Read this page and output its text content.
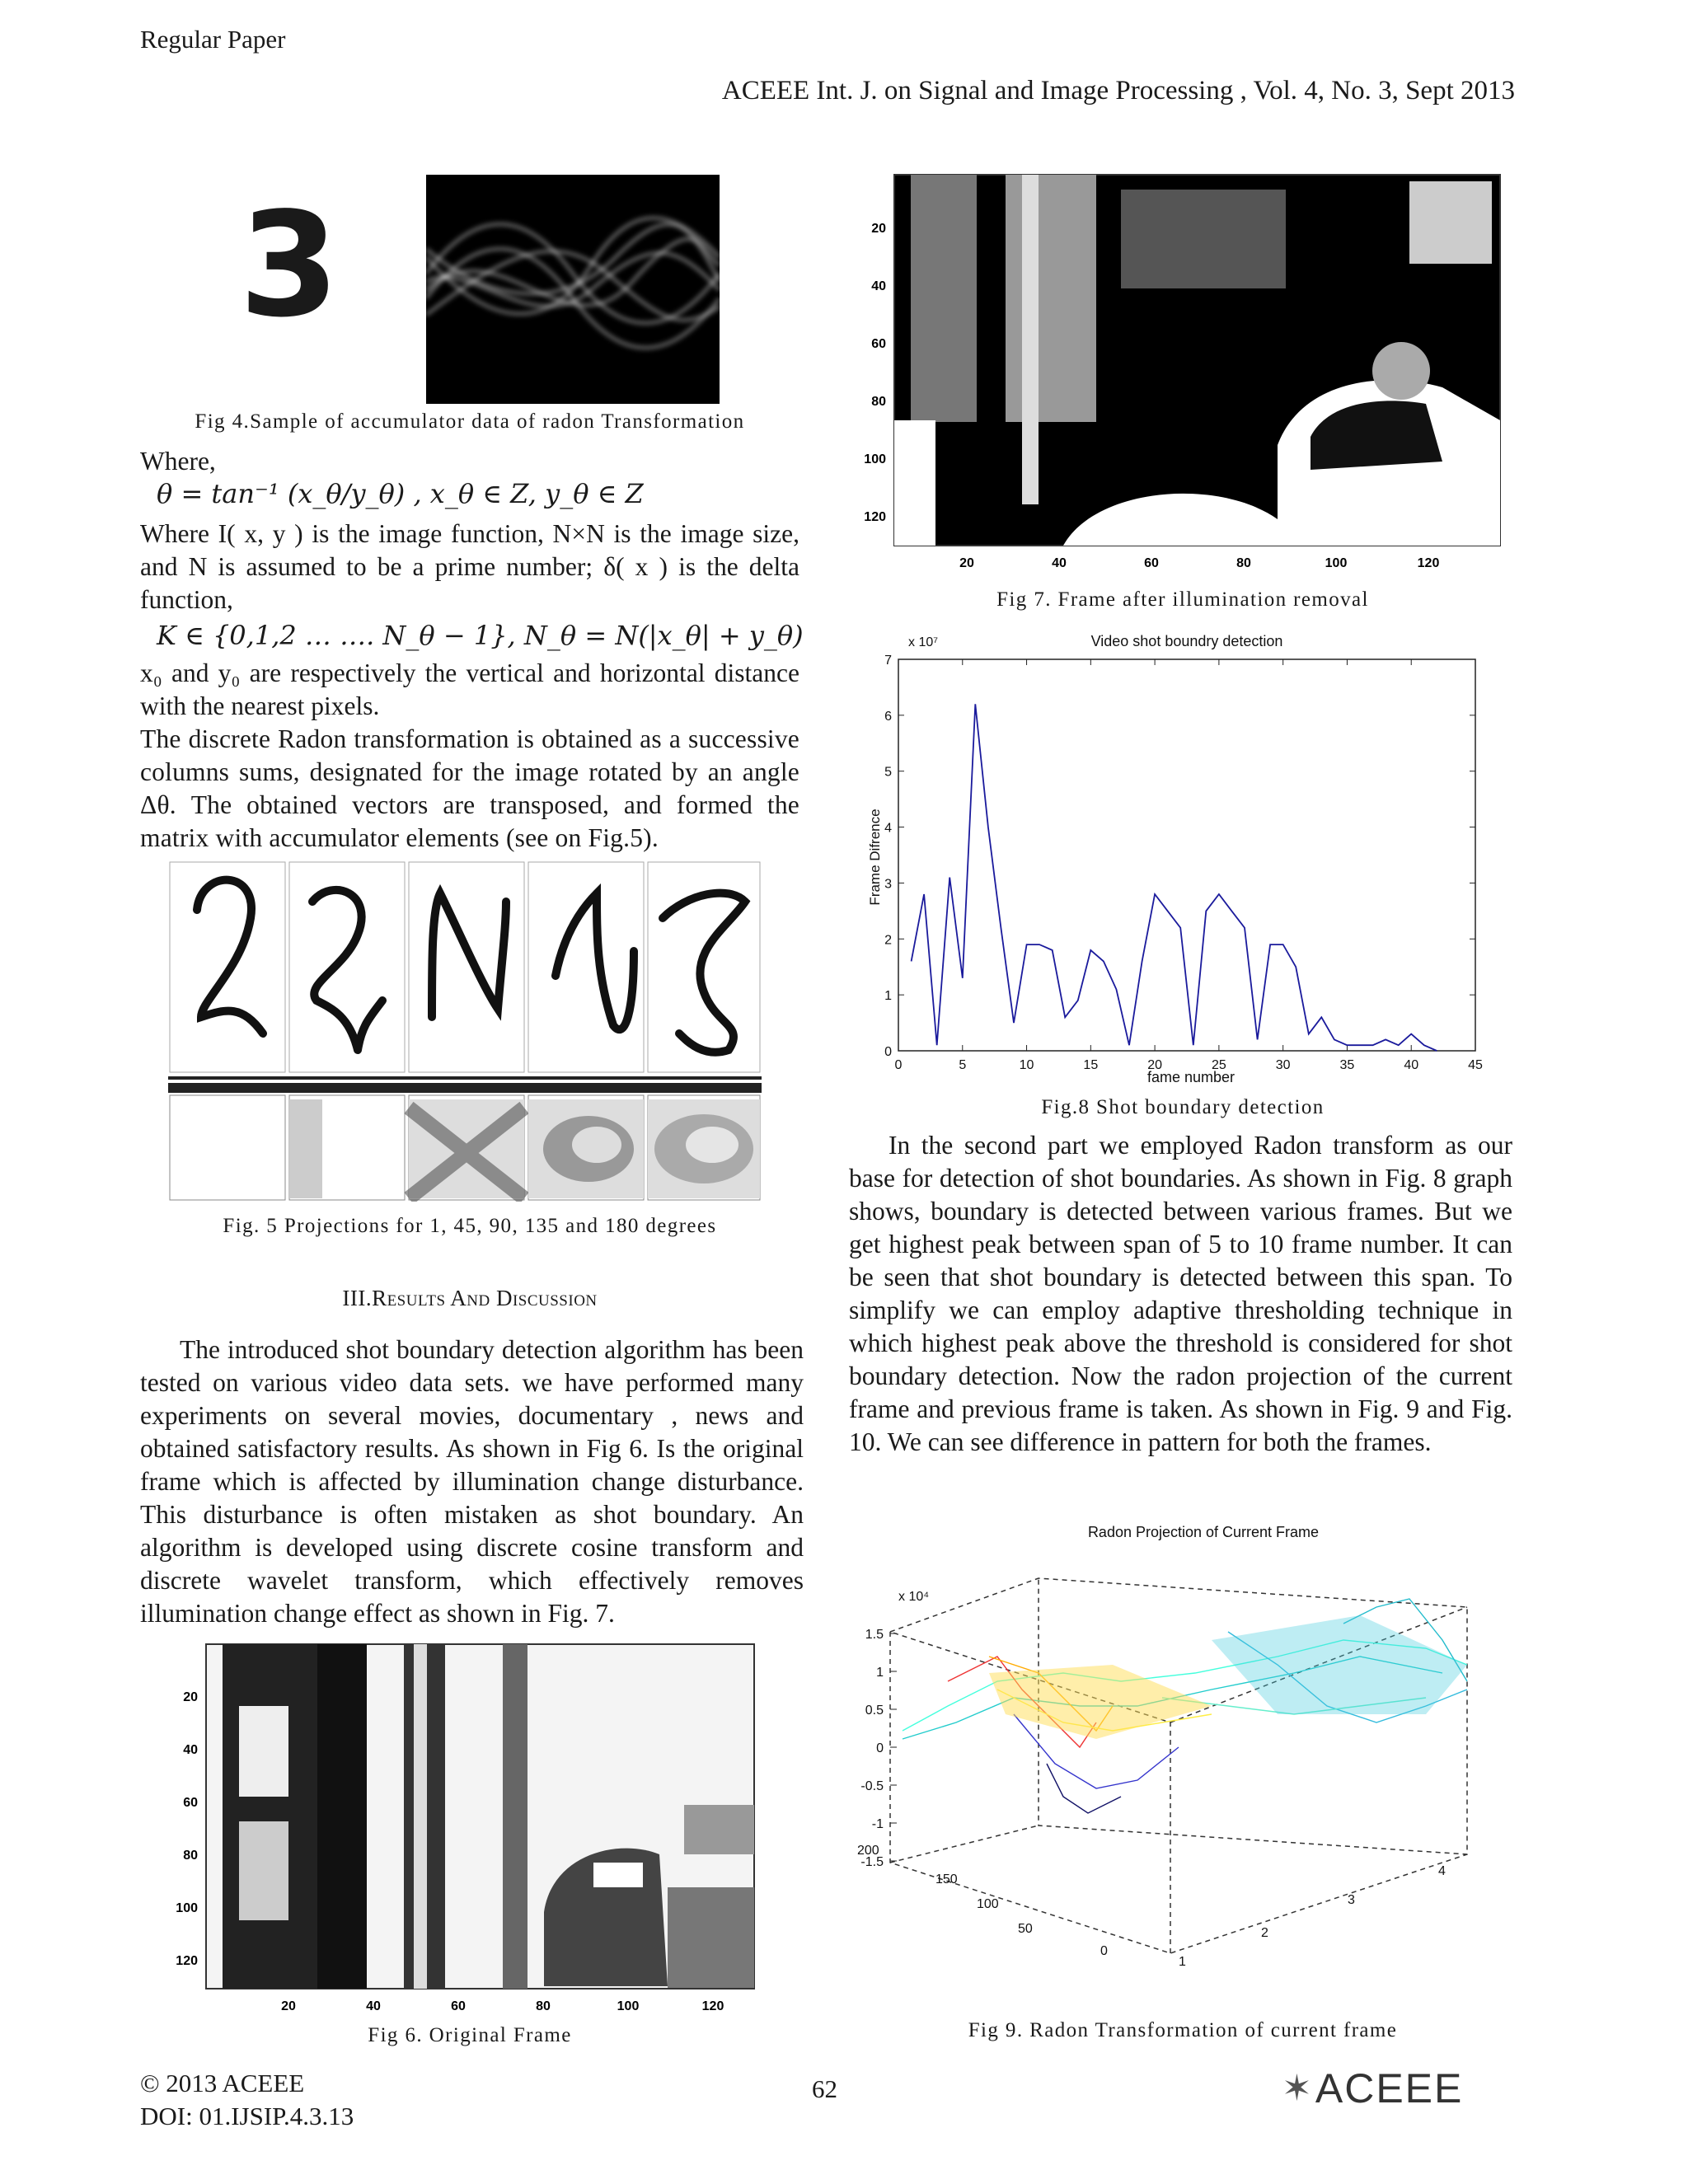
Regular Paper
ACEEE Int. J. on Signal and Image Processing , Vol. 4, No. 3, Sept 2013
3
Fig 4.Sample of accumulator data of radon Transformation

Where,

θ = tan⁻¹ (x_θ/y_θ) , x_θ ∈ Z, y_θ ∈ Z

Where I( x, y ) is the image function, N×N is the image size, and N is assumed to be a prime number; δ( x ) is the delta function,

K ∈ {0,1,2 … …. N_θ − 1}, N_θ = N(|x_θ| + y_θ)

x₀ and y₀ are respectively the vertical and horizontal distance with the nearest pixels.

The discrete Radon transformation is obtained as a successive columns sums, designated for the image rotated by an angle Δθ. The obtained vectors are transposed, and formed the matrix with accumulator elements (see on Fig.5).

Fig. 5 Projections for 1, 45, 90, 135 and 180 degrees
III.Results And Discussion

The introduced shot boundary detection algorithm has been tested on various video data sets. we have performed many experiments on several movies, documentary , news and obtained satisfactory results. As shown in Fig 6. Is the original frame which is affected by illumination change disturbance. This disturbance is often mistaken as shot boundary. An algorithm is developed using discrete cosine transform and discrete wavelet transform, which effectively removes illumination change effect as shown in Fig. 7.

20	40	60	80	100	120
20
40
60
80
100
120
Fig 6. Original Frame
20	40	60	80	100	120
20
40
60
80
100
120
Fig 7. Frame after illumination removal
Video shot boundry detection
x 10⁷
Frame Difrence
fame number
0	5	10	15	20	25	30	35	40	45
0
1
2
3
4
5
6
7
Fig.8 Shot boundary detection

In the second part we employed Radon transform as our base for detection of shot boundaries. As shown in Fig. 8 graph shows, boundary is detected between various frames. But we get highest peak between span of 5 to 10 frame number. It can be seen that shot boundary is detected between this span. To simplify we can employ adaptive thresholding technique in which highest peak above the threshold is considered for shot boundary detection. Now the radon projection of the current frame and previous frame is taken. As shown in Fig. 9 and Fig. 10. We can see difference in pattern for both the frames.

Radon Projection of Current Frame
x 10⁴
1.5
1
0.5
0
-0.5
-1
-1.5
200
150
100
50
0
1
2
3
4
Fig 9. Radon Transformation of current frame
© 2013 ACEEE
DOI: 01.IJSIP.4.3.13
62	✶ ACEEE
